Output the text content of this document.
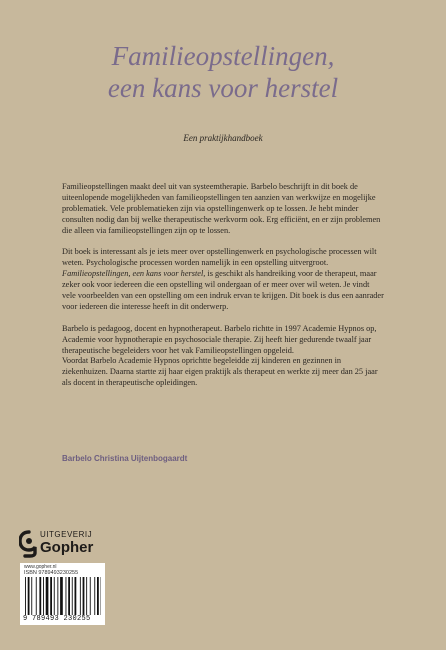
Familieopstellingen,
een kans voor herstel
Een praktijkhandboek

Familieopstellingen maakt deel uit van systeemtherapie. Barbelo beschrijft in dit boek de uiteenlopende mogelijkheden van familieopstellingen ten aanzien van werkwijze en mogelijke problematiek. Vele problematieken zijn via opstellingenwerk op te lossen. Je hebt minder consulten nodig dan bij welke therapeutische werkvorm ook. Erg efficiënt, en er zijn problemen die alleen via familieopstellingen zijn op te lossen.

Dit boek is interessant als je iets meer over opstellingenwerk en psychologische processen wilt weten. Psychologische processen worden namelijk in een opstelling uitvergroot. Familieopstellingen, een kans voor herstel, is geschikt als handreiking voor de therapeut, maar zeker ook voor iedereen die een opstelling wil ondergaan of er meer over wil weten. Je vindt vele voorbeelden van een opstelling om een indruk ervan te krijgen. Dit boek is dus een aanrader voor iedereen die interesse heeft in dit onderwerp.

Barbelo is pedagoog, docent en hypnotherapeut. Barbelo richtte in 1997 Academie Hypnos op, Academie voor hypnotherapie en psychosociale therapie. Zij heeft hier gedurende twaalf jaar therapeutische begeleiders voor het vak Familieopstellingen opgeleid.

Voordat Barbelo Academie Hypnos oprichtte begeleidde zij kinderen en gezinnen in ziekenhuizen. Daarna startte zij haar eigen praktijk als therapeut en werkte zij meer dan 25 jaar als docent in therapeutische opleidingen.

Barbelo Christina Uijtenbogaardt
UITGEVERIJ
Gopher
www.gopher.nl
ISBN 9789493230255
9 789493 230255
